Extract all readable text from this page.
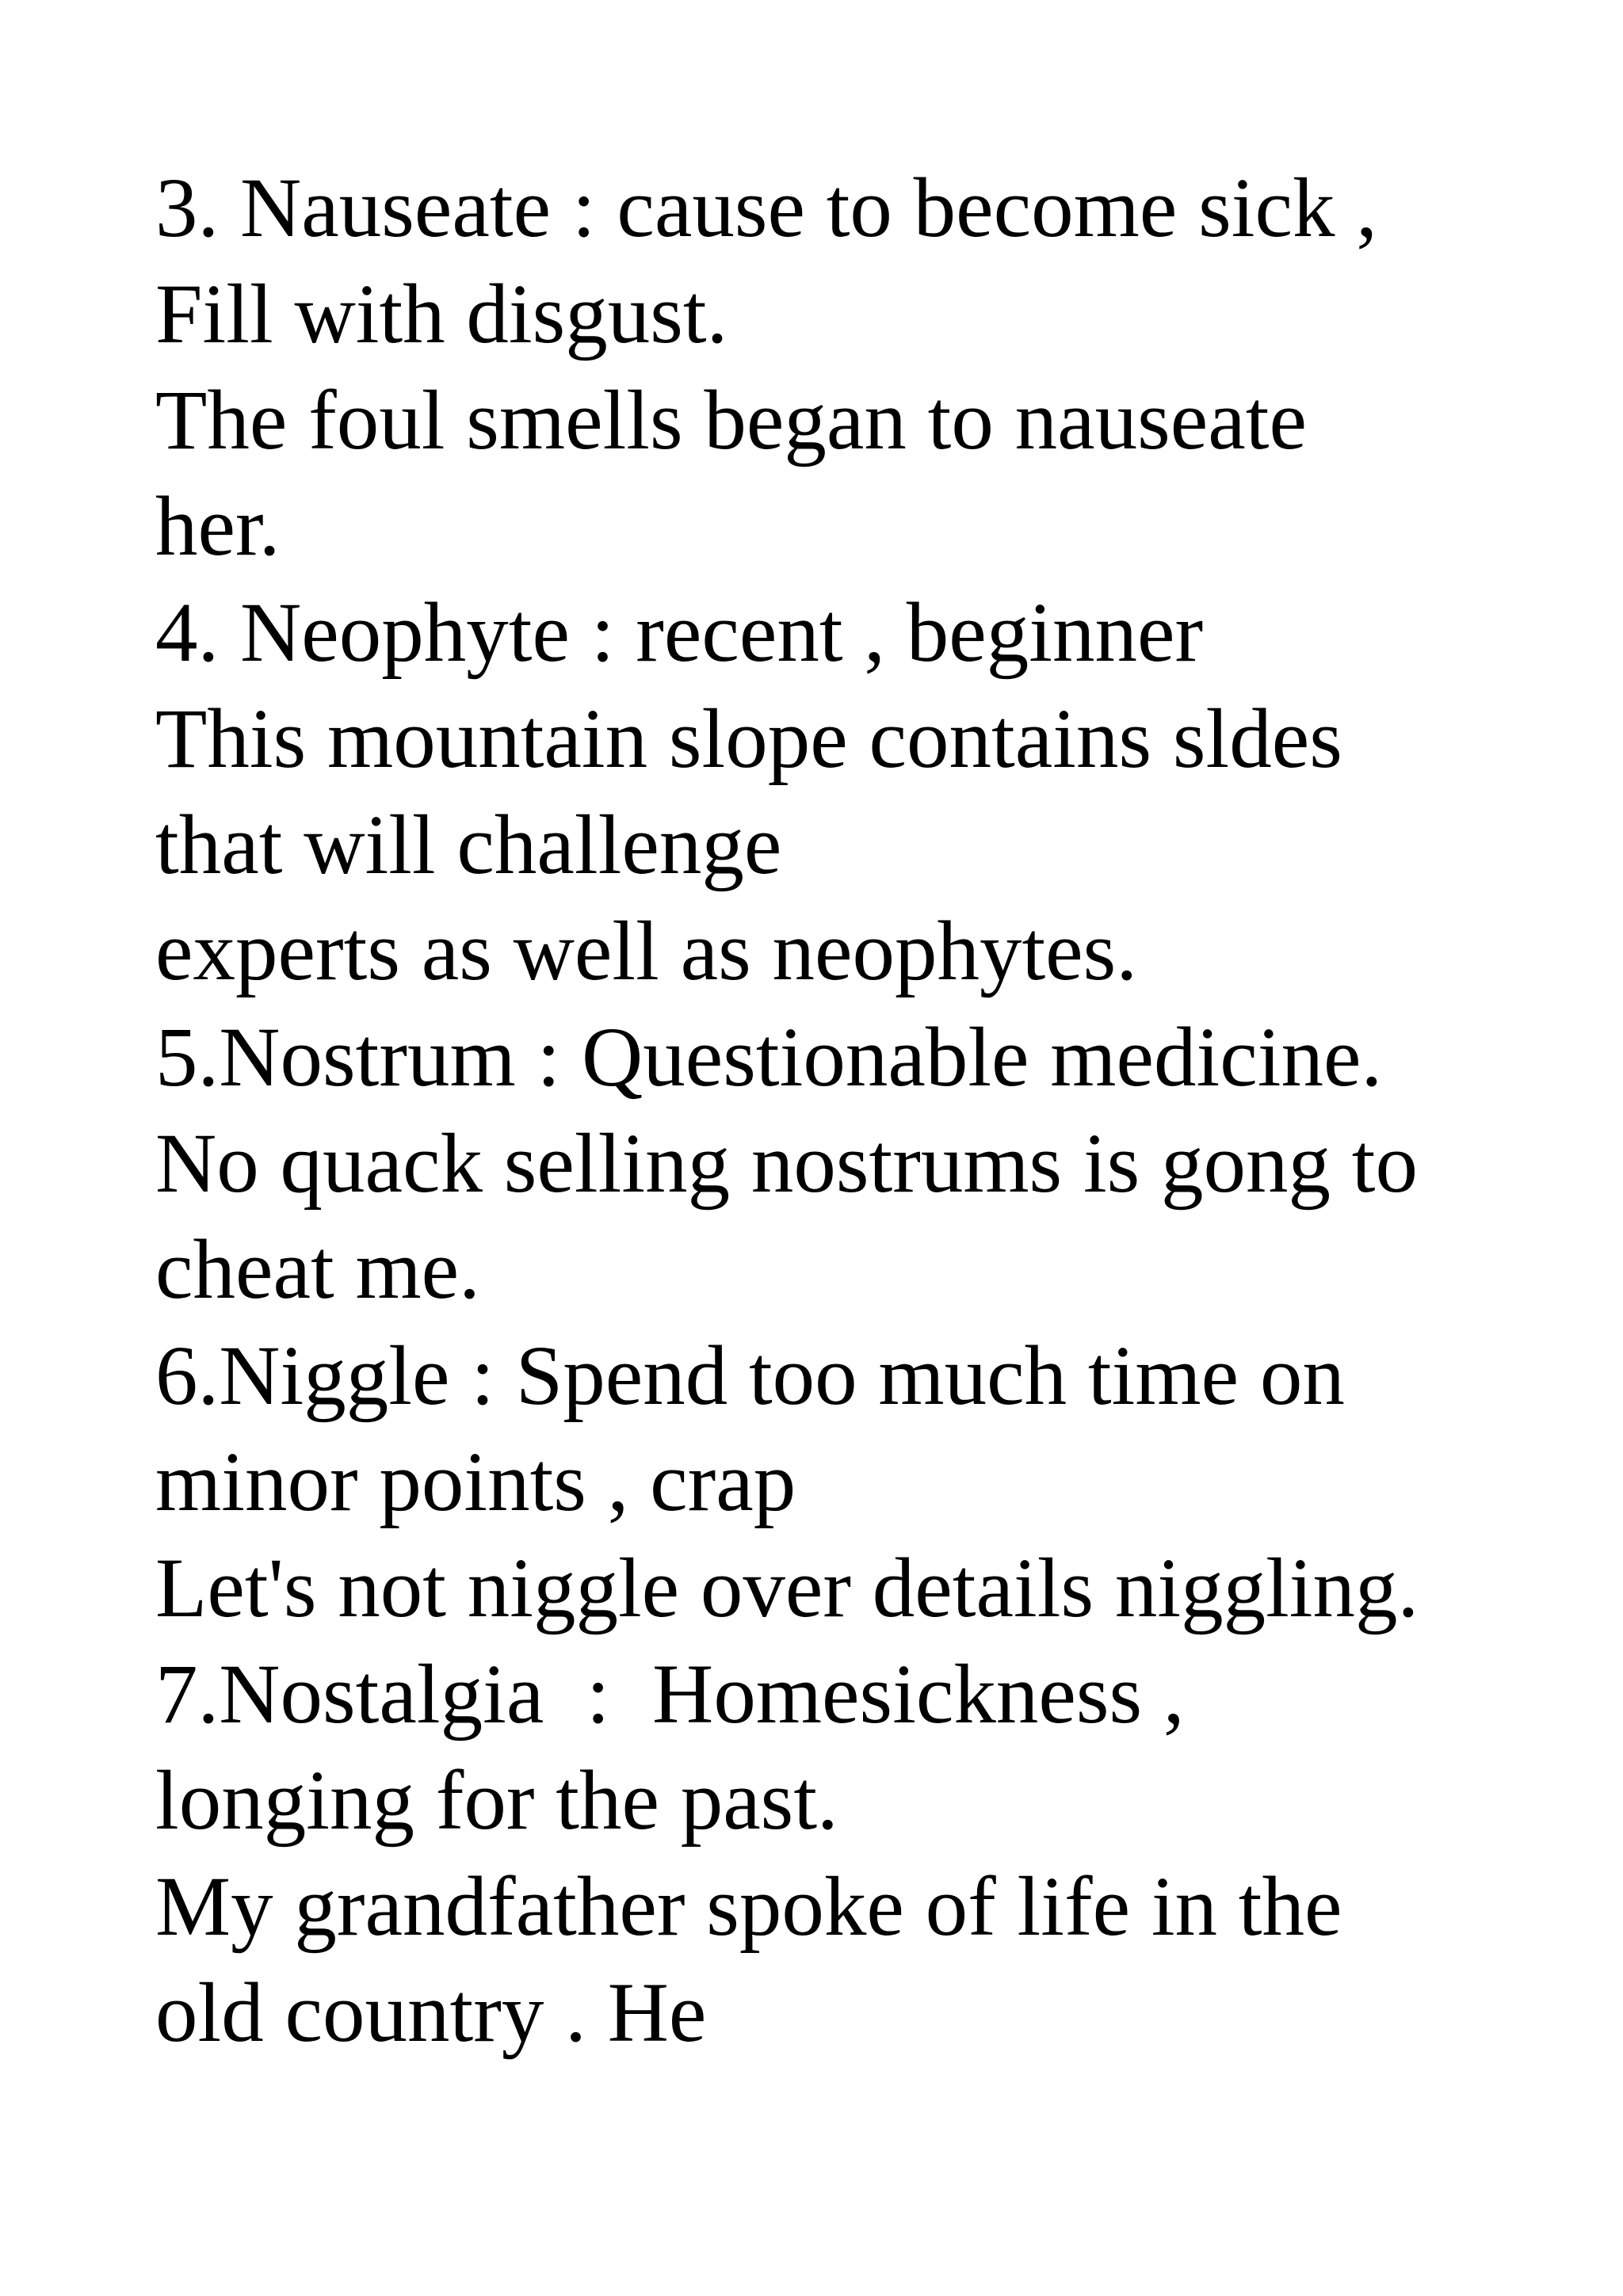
3. Nauseate : cause to become sick ,
Fill with disgust.
The foul smells began to nauseate
her.
4. Neophyte : recent , beginner
This mountain slope contains sldes
that will challenge
experts as well as neophytes.
5.Nostrum : Questionable medicine.
No quack selling nostrums is gong to
cheat me.
6.Niggle : Spend too much time on
minor points , crap
Let's not niggle over details niggling.
7.Nostalgia  :  Homesickness ,
longing for the past.
My grandfather spoke of life in the
old country . He
